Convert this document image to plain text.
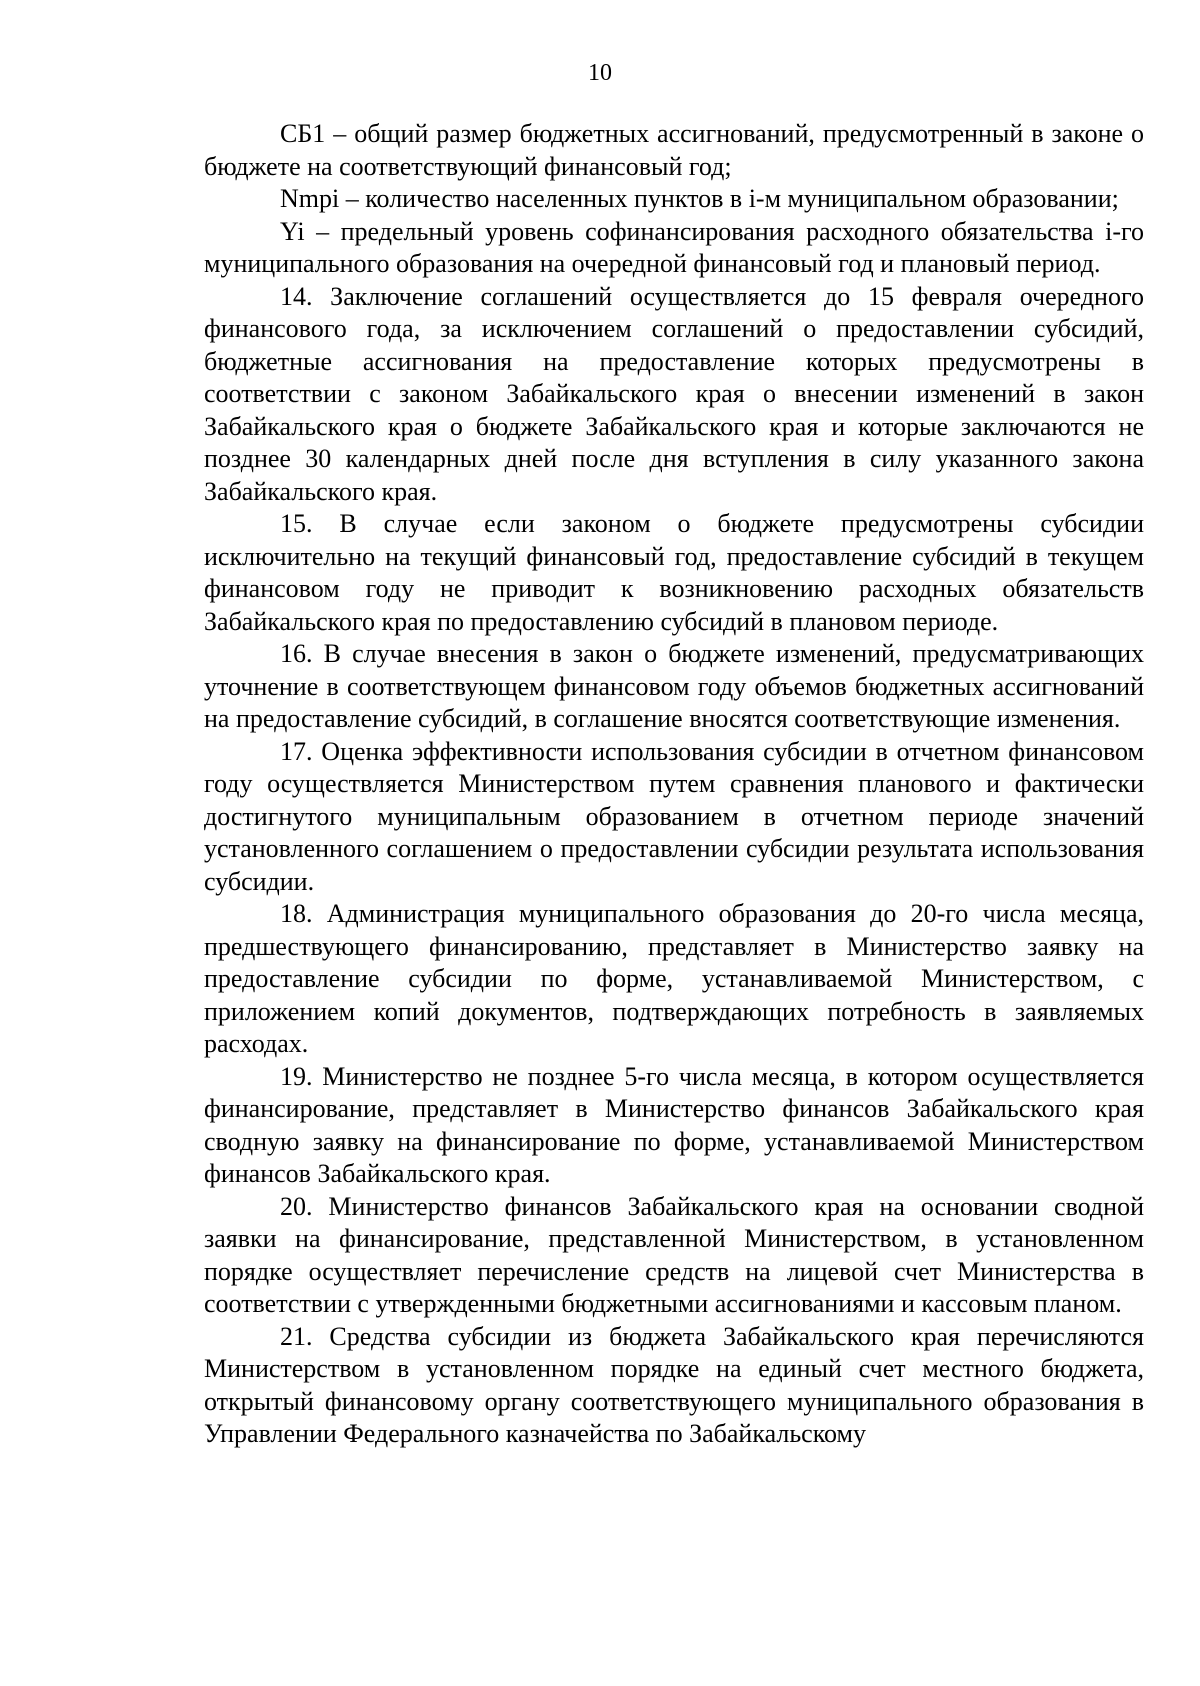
10

СБ1 – общий размер бюджетных ассигнований, предусмотренный в законе о бюджете на соответствующий финансовый год;

Nmpi – количество населенных пунктов в i-м муниципальном образовании;

Yi – предельный уровень софинансирования расходного обязательства i-го муниципального образования на очередной финансовый год и плановый период.

14. Заключение соглашений осуществляется до 15 февраля очередного финансового года, за исключением соглашений о предоставлении субсидий, бюджетные ассигнования на предоставление которых предусмотрены в соответствии с законом Забайкальского края о внесении изменений в закон Забайкальского края о бюджете Забайкальского края и которые заключаются не позднее 30 календарных дней после дня вступления в силу указанного закона Забайкальского края.

15. В случае если законом о бюджете предусмотрены субсидии исключительно на текущий финансовый год, предоставление субсидий в текущем финансовом году не приводит к возникновению расходных обязательств Забайкальского края по предоставлению субсидий в плановом периоде.

16. В случае внесения в закон о бюджете изменений, предусматривающих уточнение в соответствующем финансовом году объемов бюджетных ассигнований на предоставление субсидий, в соглашение вносятся соответствующие изменения.

17. Оценка эффективности использования субсидии в отчетном финансовом году осуществляется Министерством путем сравнения планового и фактически достигнутого муниципальным образованием в отчетном периоде значений установленного соглашением о предоставлении субсидии результата использования субсидии.

18. Администрация муниципального образования до 20-го числа месяца, предшествующего финансированию, представляет в Министерство заявку на предоставление субсидии по форме, устанавливаемой Министерством, с приложением копий документов, подтверждающих потребность в заявляемых расходах.

19. Министерство не позднее 5-го числа месяца, в котором осуществляется финансирование, представляет в Министерство финансов Забайкальского края сводную заявку на финансирование по форме, устанавливаемой Министерством финансов Забайкальского края.

20. Министерство финансов Забайкальского края на основании сводной заявки на финансирование, представленной Министерством, в установленном порядке осуществляет перечисление средств на лицевой счет Министерства в соответствии с утвержденными бюджетными ассигнованиями и кассовым планом.

21. Средства субсидии из бюджета Забайкальского края перечисляются Министерством в установленном порядке на единый счет местного бюджета, открытый финансовому органу соответствующего муниципального образования в Управлении Федерального казначейства по Забайкальскому
